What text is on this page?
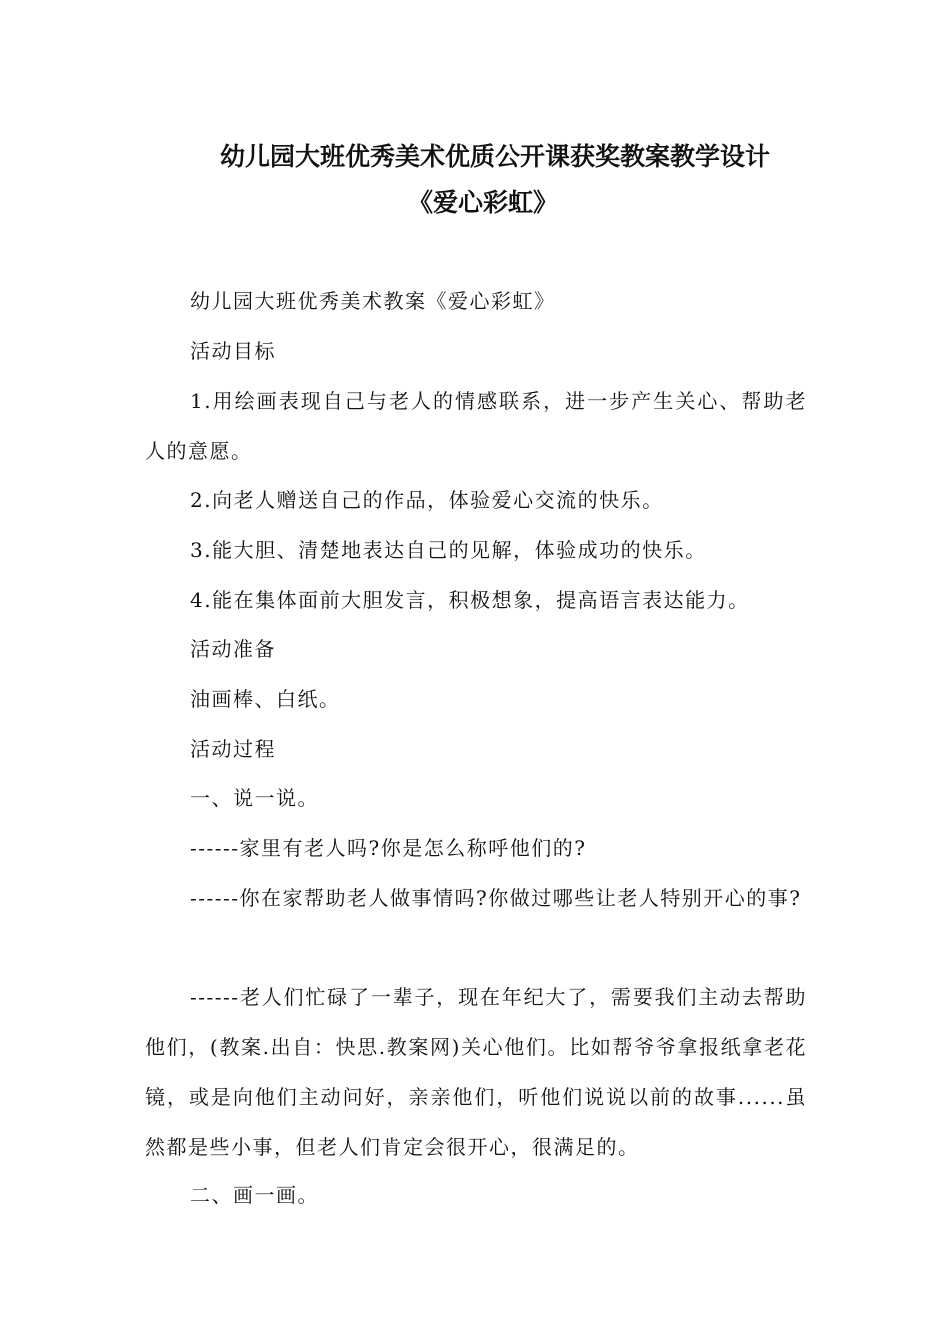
幼儿园大班优秀美术优质公开课获奖教案教学设计
《爱心彩虹》

幼儿园大班优秀美术教案《爱心彩虹》

活动目标

1.用绘画表现自己与老人的情感联系，进一步产生关心、帮助老人的意愿。

2.向老人赠送自己的作品，体验爱心交流的快乐。

3.能大胆、清楚地表达自己的见解，体验成功的快乐。

4.能在集体面前大胆发言，积极想象，提高语言表达能力。

活动准备

油画棒、白纸。

活动过程

一、说一说。

------家里有老人吗?你是怎么称呼他们的?

------你在家帮助老人做事情吗?你做过哪些让老人特别开心的事?

------老人们忙碌了一辈子，现在年纪大了，需要我们主动去帮助他们，(教案.出自：快思.教案网)关心他们。比如帮爷爷拿报纸拿老花镜，或是向他们主动问好，亲亲他们，听他们说说以前的故事......虽然都是些小事，但老人们肯定会很开心，很满足的。

二、画一画。
